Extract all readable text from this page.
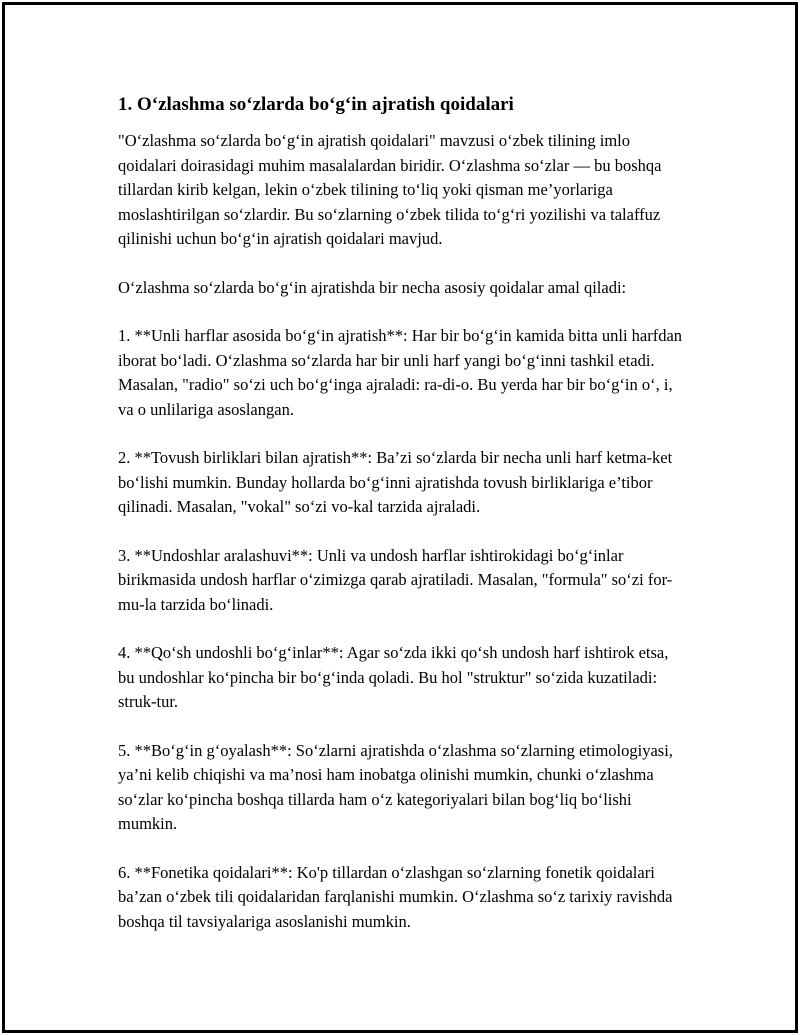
1. O‘zlashma so‘zlarda bo‘g‘in ajratish qoidalari

"O‘zlashma so‘zlarda bo‘g‘in ajratish qoidalari" mavzusi o‘zbek tilining imlo qoidalari doirasidagi muhim masalalardan biridir. O‘zlashma so‘zlar — bu boshqa tillardan kirib kelgan, lekin o‘zbek tilining to‘liq yoki qisman me’yorlariga moslashtirilgan so‘zlardir. Bu so‘zlarning o‘zbek tilida to‘g‘ri yozilishi va talaffuz qilinishi uchun bo‘g‘in ajratish qoidalari mavjud.

O‘zlashma so‘zlarda bo‘g‘in ajratishda bir necha asosiy qoidalar amal qiladi:

1. **Unli harflar asosida bo‘g‘in ajratish**: Har bir bo‘g‘in kamida bitta unli harfdan iborat bo‘ladi. O‘zlashma so‘zlarda har bir unli harf yangi bo‘g‘inni tashkil etadi. Masalan, "radio" so‘zi uch bo‘g‘inga ajraladi: ra-di-o. Bu yerda har bir bo‘g‘in o‘, i, va o unlilariga asoslangan.

2. **Tovush birliklari bilan ajratish**: Ba’zi so‘zlarda bir necha unli harf ketma-ket bo‘lishi mumkin. Bunday hollarda bo‘g‘inni ajratishda tovush birliklariga e’tibor qilinadi. Masalan, "vokal" so‘zi vo-kal tarzida ajraladi.

3. **Undoshlar aralashuvi**: Unli va undosh harflar ishtirokidagi bo‘g‘inlar birikmasida undosh harflar o‘zimizga qarab ajratiladi. Masalan, "formula" so‘zi for-mu-la tarzida bo‘linadi.

4. **Qo‘sh undoshli bo‘g‘inlar**: Agar so‘zda ikki qo‘sh undosh harf ishtirok etsa, bu undoshlar ko‘pincha bir bo‘g‘inda qoladi. Bu hol "struktur" so‘zida kuzatiladi: struk-tur.

5. **Bo‘g‘in g‘oyalash**: So‘zlarni ajratishda o‘zlashma so‘zlarning etimologiyasi, ya’ni kelib chiqishi va ma’nosi ham inobatga olinishi mumkin, chunki o‘zlashma so‘zlar ko‘pincha boshqa tillarda ham o‘z kategoriyalari bilan bog‘liq bo‘lishi mumkin.

6. **Fonetika qoidalari**: Ko'p tillardan o‘zlashgan so‘zlarning fonetik qoidalari ba’zan o‘zbek tili qoidalaridan farqlanishi mumkin. O‘zlashma so‘z tarixiy ravishda boshqa til tavsiyalariga asoslanishi mumkin.
